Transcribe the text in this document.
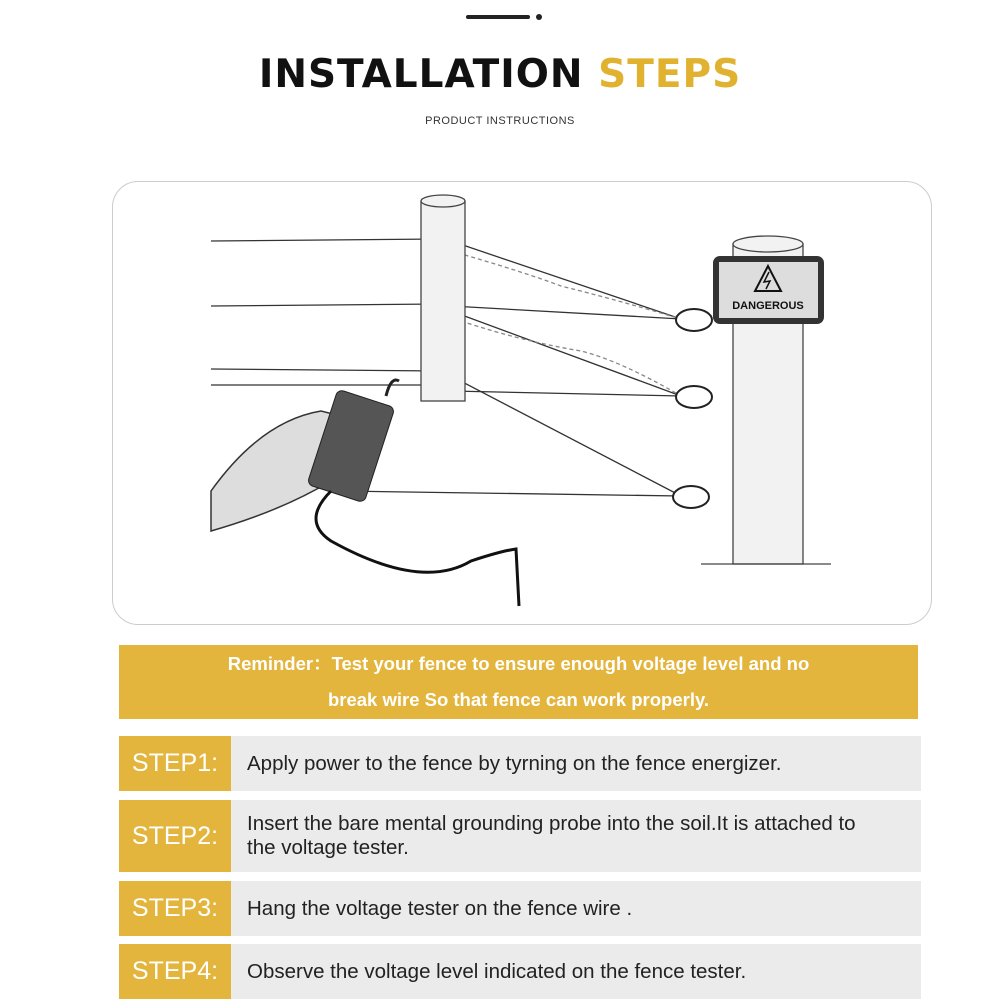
INSTALLATION STEPS
PRODUCT INSTRUCTIONS
DANGEROUS
Reminder：Test your fence to ensure enough voltage level and no
break wire So that fence can work properly.
STEP1:	Apply power to the fence by tyrning on the fence energizer.
STEP2:	Insert the bare mental grounding probe into the soil.It is attached to the voltage tester.
STEP3:	Hang the voltage tester on the fence wire .
STEP4:	Observe the voltage level indicated on the fence tester.
